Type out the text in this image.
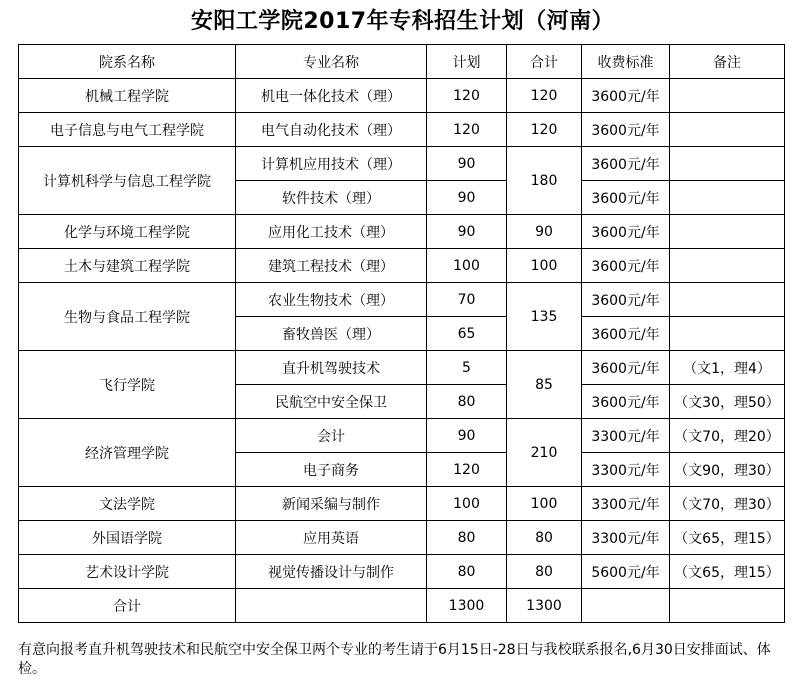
安阳工学院2017年专科招生计划（河南）
院系名称	专业名称	计划	合计	收费标准	备注
机械工程学院	机电一体化技术（理）	120	120	3600元/年	
电子信息与电气工程学院	电气自动化技术（理）	120	120	3600元/年	
计算机科学与信息工程学院	计算机应用技术（理）	90	180	3600元/年	
	软件技术（理）	90		3600元/年	
化学与环境工程学院	应用化工技术（理）	90	90	3600元/年	
土木与建筑工程学院	建筑工程技术（理）	100	100	3600元/年	
生物与食品工程学院	农业生物技术（理）	70	135	3600元/年	
	畜牧兽医（理）	65		3600元/年	
飞行学院	直升机驾驶技术	5	85	3600元/年	（文1，理4）
	民航空中安全保卫	80		3600元/年	（文30，理50）
经济管理学院	会计	90	210	3300元/年	（文70，理20）
	电子商务	120		3300元/年	（文90，理30）
文法学院	新闻采编与制作	100	100	3300元/年	（文70，理30）
外国语学院	应用英语	80	80	3300元/年	（文65，理15）
艺术设计学院	视觉传播设计与制作	80	80	5600元/年	（文65，理15）
合计		1300	1300		
有意向报考直升机驾驶技术和民航空中安全保卫两个专业的考生请于6月15日-28日与我校联系报名,6月30日安排面试、体检。
